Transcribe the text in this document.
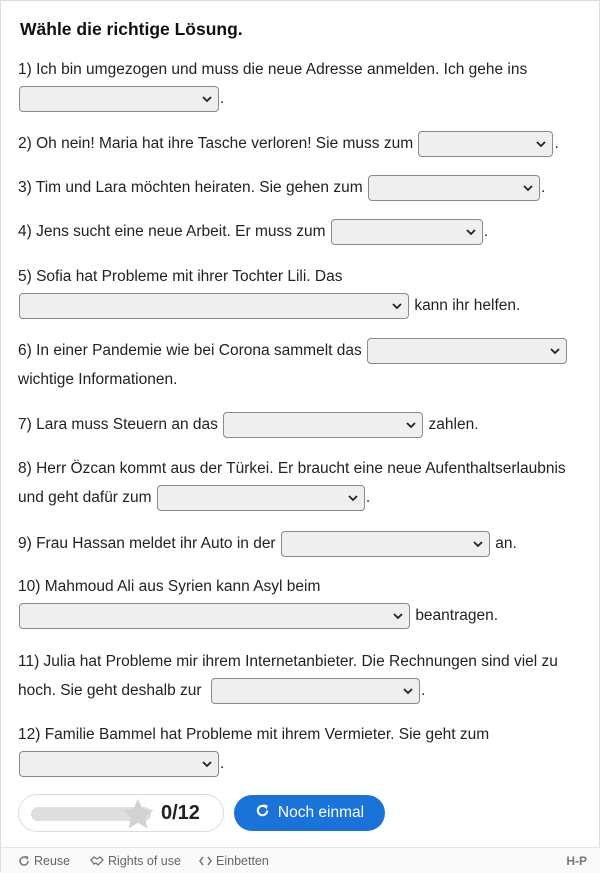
Wähle die richtige Lösung.
1) Ich bin umgezogen und muss die neue Adresse anmelden. Ich gehe ins

.
2) Oh nein! Maria hat ihre Tasche verloren! Sie muss zum	.
3) Tim und Lara möchten heiraten. Sie gehen zum	.
4) Jens sucht eine neue Arbeit. Er muss zum	.
5) Sofia hat Probleme mit ihrer Tochter Lili. Das

kann ihr helfen.
6) In einer Pandemie wie bei Corona sammelt das

wichtige Informationen.
7) Lara muss Steuern an das	zahlen.
8) Herr Özcan kommt aus der Türkei. Er braucht eine neue Aufenthaltserlaubnis und geht dafür zum	.
9) Frau Hassan meldet ihr Auto in der	an.
10) Mahmoud Ali aus Syrien kann Asyl beim

beantragen.
11) Julia hat Probleme mir ihrem Internetanbieter. Die Rechnungen sind viel zu hoch. Sie geht deshalb zur	.
12) Familie Bammel hat Probleme mit ihrem Vermieter. Sie geht zum

.
0/12	Noch einmal
Reuse	Rights of use	Einbetten	H-P
